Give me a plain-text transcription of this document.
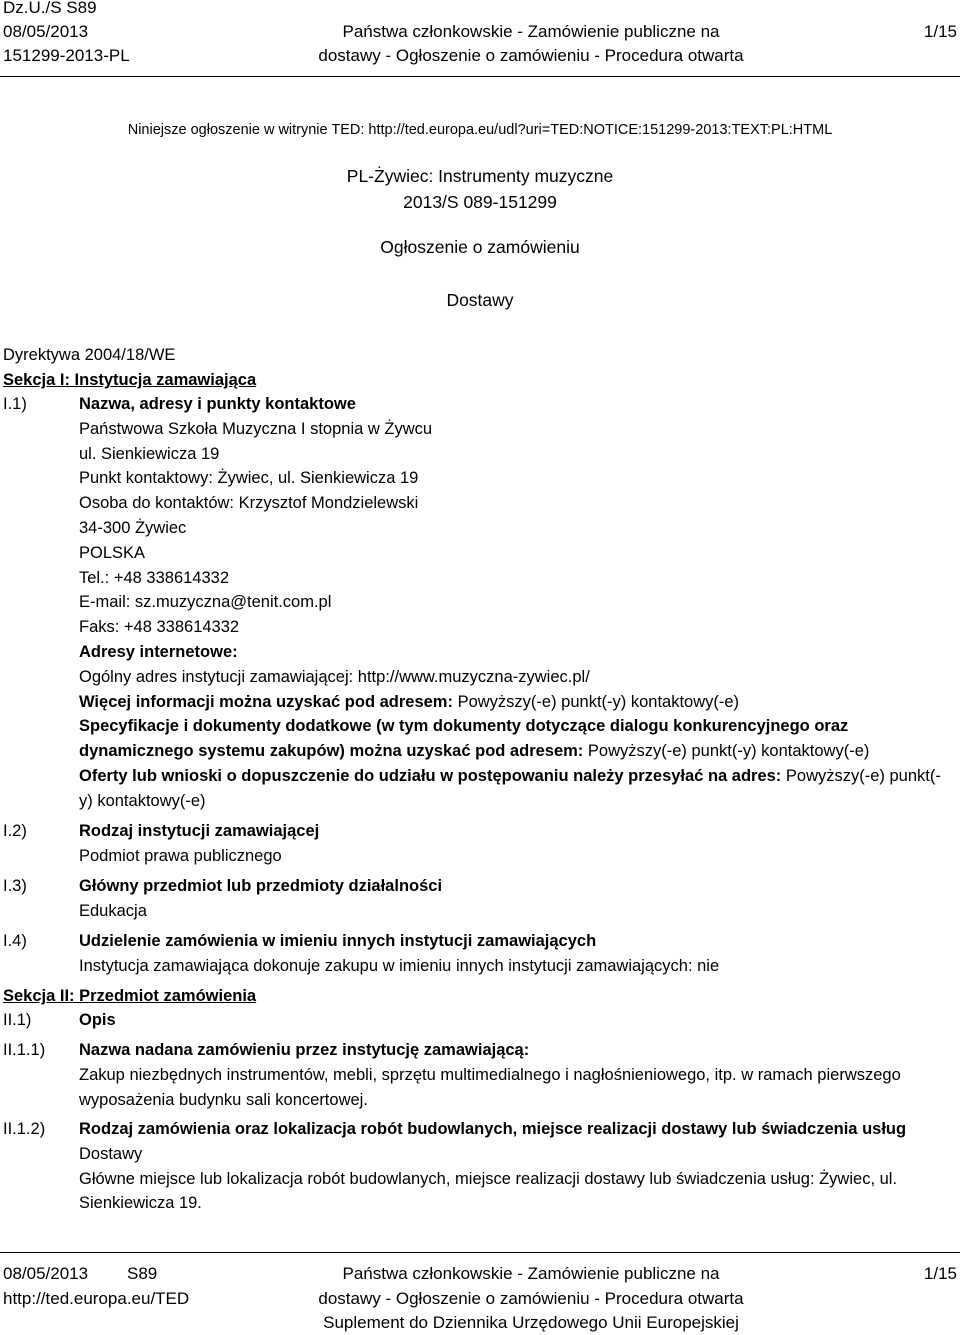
Dz.U./S S89
08/05/2013
151299-2013-PL
Państwa członkowskie - Zamówienie publiczne na
dostawy - Ogłoszenie o zamówieniu - Procedura otwarta
1/15
Niniejsze ogłoszenie w witrynie TED: http://ted.europa.eu/udl?uri=TED:NOTICE:151299-2013:TEXT:PL:HTML
PL-Żywiec: Instrumenty muzyczne
2013/S 089-151299
Ogłoszenie o zamówieniu
Dostawy
Dyrektywa 2004/18/WE
Sekcja I: Instytucja zamawiająca
I.1)	Nazwa, adresy i punkty kontaktowe
Państwowa Szkoła Muzyczna I stopnia w Żywcu
ul. Sienkiewicza 19
Punkt kontaktowy: Żywiec, ul. Sienkiewicza 19
Osoba do kontaktów: Krzysztof Mondzielewski
34-300 Żywiec
POLSKA
Tel.: +48 338614332
E-mail: sz.muzyczna@tenit.com.pl
Faks: +48 338614332
Adresy internetowe:
Ogólny adres instytucji zamawiającej: http://www.muzyczna-zywiec.pl/
Więcej informacji można uzyskać pod adresem: Powyższy(-e) punkt(-y) kontaktowy(-e)
Specyfikacje i dokumenty dodatkowe (w tym dokumenty dotyczące dialogu konkurencyjnego oraz dynamicznego systemu zakupów) można uzyskać pod adresem: Powyższy(-e) punkt(-y) kontaktowy(-e)
Oferty lub wnioski o dopuszczenie do udziału w postępowaniu należy przesyłać na adres: Powyższy(-e) punkt(-y) kontaktowy(-e)
I.2)	Rodzaj instytucji zamawiającej
Podmiot prawa publicznego
I.3)	Główny przedmiot lub przedmioty działalności
Edukacja
I.4)	Udzielenie zamówienia w imieniu innych instytucji zamawiających
Instytucja zamawiająca dokonuje zakupu w imieniu innych instytucji zamawiających: nie
Sekcja II: Przedmiot zamówienia
II.1)	Opis
II.1.1) Nazwa nadana zamówieniu przez instytucję zamawiającą:
Zakup niezbędnych instrumentów, mebli, sprzętu multimedialnego i nagłośnieniowego, itp. w ramach pierwszego wyposażenia budynku sali koncertowej.
II.1.2) Rodzaj zamówienia oraz lokalizacja robót budowlanych, miejsce realizacji dostawy lub świadczenia usług
Dostawy
Główne miejsce lub lokalizacja robót budowlanych, miejsce realizacji dostawy lub świadczenia usług: Żywiec, ul. Sienkiewicza 19.
08/05/2013 S89
http://ted.europa.eu/TED
Państwa członkowskie - Zamówienie publiczne na
dostawy - Ogłoszenie o zamówieniu - Procedura otwarta
Suplement do Dziennika Urzędowego Unii Europejskiej
1/15
